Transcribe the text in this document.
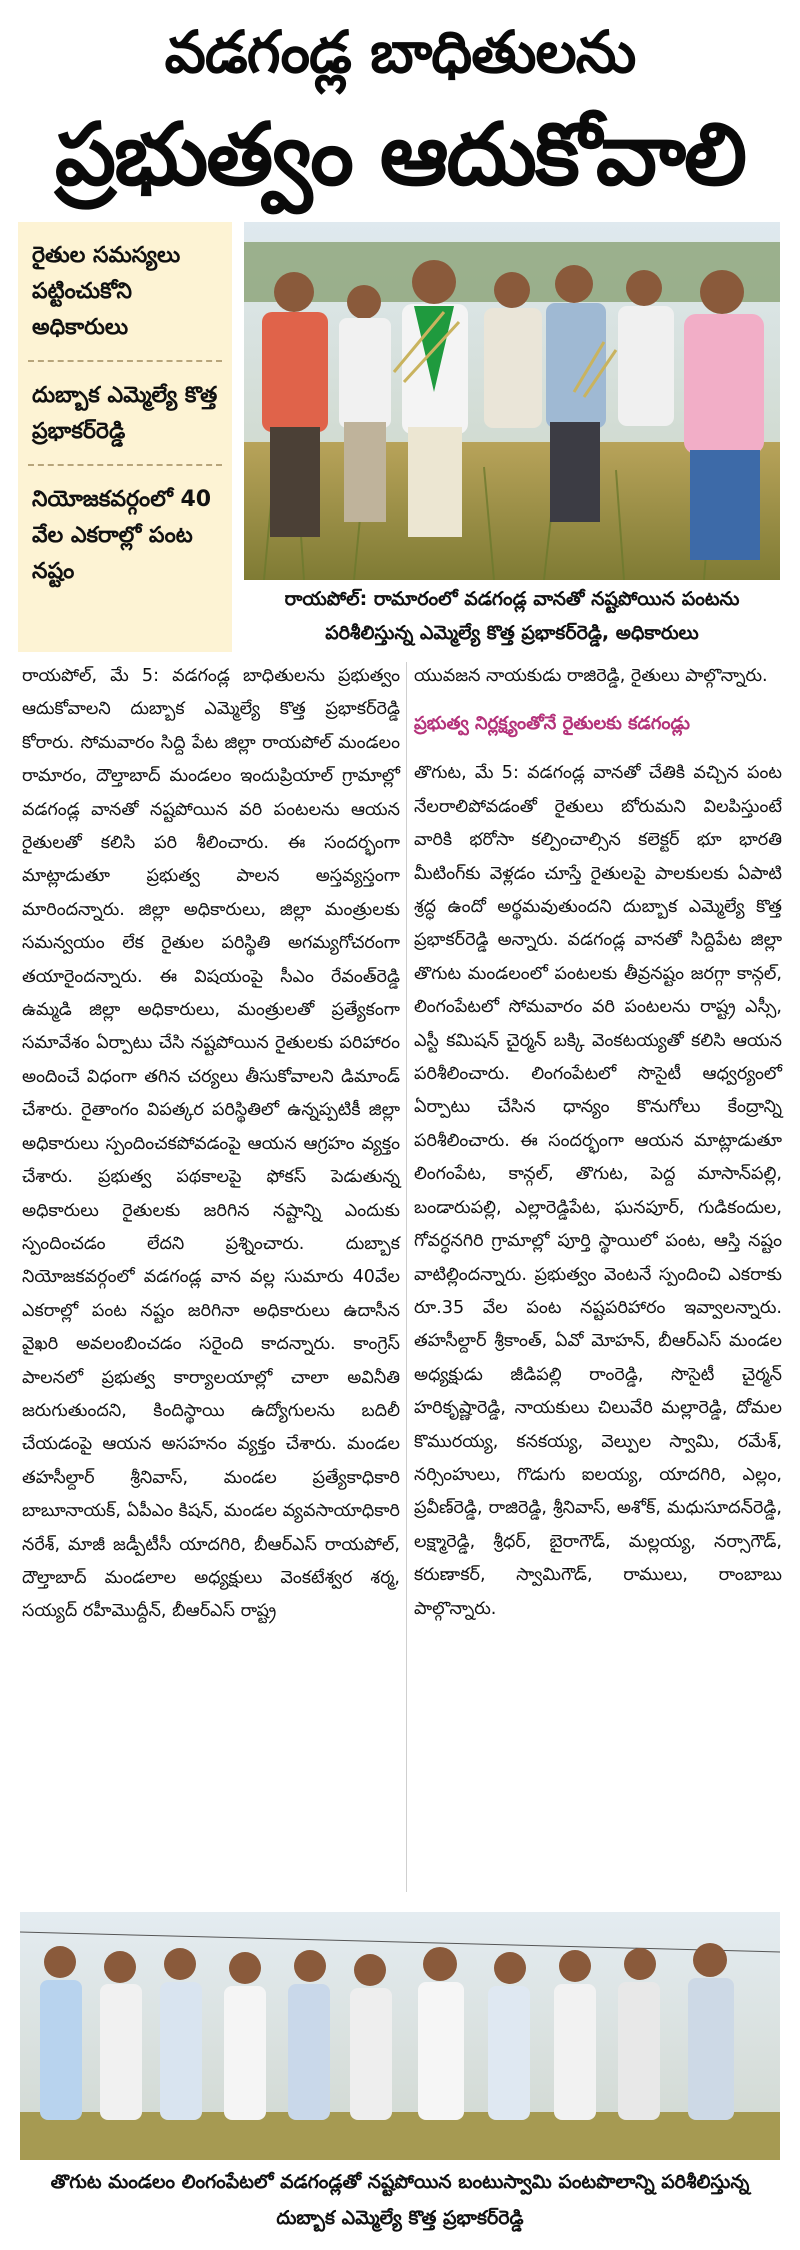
వడగండ్ల బాధితులను
ప్రభుత్వం ఆదుకోవాలి
రైతుల సమస్యలు పట్టించుకోని అధికారులు
దుబ్బాక ఎమ్మెల్యే కొత్త ప్రభాకర్‌రెడ్డి
నియోజకవర్గంలో 40 వేల ఎకరాల్లో పంట నష్టం
రాయపోల్‌: రామారంలో వడగండ్ల వానతో నష్టపోయిన పంటను పరిశీలిస్తున్న ఎమ్మెల్యే కొత్త ప్రభాకర్‌రెడ్డి, అధికారులు

రాయపోల్‌, మే 5: వడగండ్ల బాధితులను ప్రభుత్వం ఆదుకోవాలని దుబ్బాక ఎమ్మెల్యే కొత్త ప్రభాకర్‌రెడ్డి కోరారు. సోమవారం సిద్ది పేట జిల్లా రాయపోల్‌ మండలం రామారం, దౌల్తాబాద్‌ మండలం ఇందుప్రియాల్‌ గ్రామాల్లో వడగండ్ల వానతో నష్టపోయిన వరి పంటలను ఆయన రైతులతో కలిసి పరి శీలించారు. ఈ సందర్భంగా మాట్లాడుతూ ప్రభుత్వ పాలన అస్తవ్యస్తంగా మారిందన్నారు. జిల్లా అధికారులు, జిల్లా మంత్రులకు సమన్వయం లేక రైతుల పరిస్థితి అగమ్యగోచరంగా తయారైందన్నారు. ఈ విషయంపై సీఎం రేవంత్‌రెడ్డి ఉమ్మడి జిల్లా అధికారులు, మంత్రులతో ప్రత్యేకంగా సమావేశం ఏర్పాటు చేసి నష్టపోయిన రైతులకు పరిహారం అందించే విధంగా తగిన చర్యలు తీసుకోవాలని డిమాండ్‌ చేశారు. రైతాంగం విపత్కర పరిస్థితిలో ఉన్నప్పటికీ జిల్లా అధికారులు స్పందించకపోవడంపై ఆయన ఆగ్రహం వ్యక్తం చేశారు. ప్రభుత్వ పథకాలపై ఫోకస్‌ పెడుతున్న అధికారులు రైతులకు జరిగిన నష్టాన్ని ఎందుకు స్పందించడం లేదని ప్రశ్నించారు. దుబ్బాక నియోజకవర్గంలో వడగండ్ల వాన వల్ల సుమారు 40వేల ఎకరాల్లో పంట నష్టం జరిగినా అధికారులు ఉదాసీన వైఖరి అవలంబించడం సరైంది కాదన్నారు. కాంగ్రెస్‌ పాలనలో ప్రభుత్వ కార్యాలయాల్లో చాలా అవినీతి జరుగుతుందని, కిందిస్థాయి ఉద్యోగులను బదిలీ చేయడంపై ఆయన అసహనం వ్యక్తం చేశారు. మండల తహసీల్దార్‌ శ్రీనివాస్‌, మండల ప్రత్యేకాధికారి బాబూనాయక్‌, ఏపీఎం కిషన్‌, మండల వ్యవసాయాధికారి నరేశ్‌, మాజీ జడ్పీటీసీ యాదగిరి, బీఆర్‌ఎస్‌ రాయపోల్‌, దౌల్తాబాద్‌ మండలాల అధ్యక్షులు వెంకటేశ్వర శర్మ, సయ్యద్‌ రహీమొద్దీన్‌, బీఆర్‌ఎస్‌ రాష్ట్ర

యువజన నాయకుడు రాజిరెడ్డి, రైతులు పాల్గొన్నారు.

ప్రభుత్వ నిర్లక్ష్యంతోనే రైతులకు కడగండ్లు

తొగుట, మే 5: వడగండ్ల వానతో చేతికి వచ్చిన పంట నేలరాలిపోవడంతో రైతులు బోరుమని విలపిస్తుంటే వారికి భరోసా కల్పించాల్సిన కలెక్టర్‌ భూ భారతి మీటింగ్‌కు వెళ్లడం చూస్తే రైతులపై పాలకులకు ఏపాటి శ్రద్ధ ఉందో అర్థమవుతుందని దుబ్బాక ఎమ్మెల్యే కొత్త ప్రభాకర్‌రెడ్డి అన్నారు. వడగండ్ల వానతో సిద్దిపేట జిల్లా తొగుట మండలంలో పంటలకు తీవ్రనష్టం జరగ్గా కాన్గల్‌, లింగంపేటలో సోమవారం వరి పంటలను రాష్ట్ర ఎస్సీ, ఎస్టీ కమిషన్‌ చైర్మన్‌ బక్కి వెంకటయ్యతో కలిసి ఆయన పరిశీలించారు. లింగంపేటలో సొసైటీ ఆధ్వర్యంలో ఏర్పాటు చేసిన ధాన్యం కొనుగోలు కేంద్రాన్ని పరిశీలించారు. ఈ సందర్భంగా ఆయన మాట్లాడుతూ లింగంపేట, కాన్గల్‌, తొగుట, పెద్ద మాసాన్‌పల్లి, బండారుపల్లి, ఎల్లారెడ్డిపేట, ఘనపూర్‌, గుడికందుల, గోవర్ధనగిరి గ్రామాల్లో పూర్తి స్థాయిలో పంట, ఆస్తి నష్టం వాటిల్లిందన్నారు. ప్రభుత్వం వెంటనే స్పందించి ఎకరాకు రూ.35 వేల పంట నష్టపరిహారం ఇవ్వాలన్నారు. తహసీల్దార్‌ శ్రీకాంత్‌, ఏవో మోహన్‌, బీఆర్‌ఎస్‌ మండల అధ్యక్షుడు జీడిపల్లి రాంరెడ్డి, సొసైటీ చైర్మన్‌ హరికృష్ణారెడ్డి, నాయకులు చిలువేరి మల్లారెడ్డి, దోమల కొమురయ్య, కనకయ్య, వెల్పుల స్వామి, రమేశ్‌, నర్సింహులు, గొడుగు ఐలయ్య, యాదగిరి, ఎల్లం, ప్రవీణ్‌రెడ్డి, రాజిరెడ్డి, శ్రీనివాస్‌, అశోక్‌, మధుసూదన్‌రెడ్డి, లక్ష్మారెడ్డి, శ్రీధర్‌, బైరాగౌడ్‌, మల్లయ్య, నర్సాగౌడ్‌, కరుణాకర్‌, స్వామిగౌడ్‌, రాములు, రాంబాబు పాల్గొన్నారు.

తొగుట మండలం లింగంపేటలో వడగండ్లతో నష్టపోయిన బంటుస్వామి పంటపొలాన్ని పరిశీలిస్తున్న దుబ్బాక ఎమ్మెల్యే కొత్త ప్రభాకర్‌రెడ్డి
